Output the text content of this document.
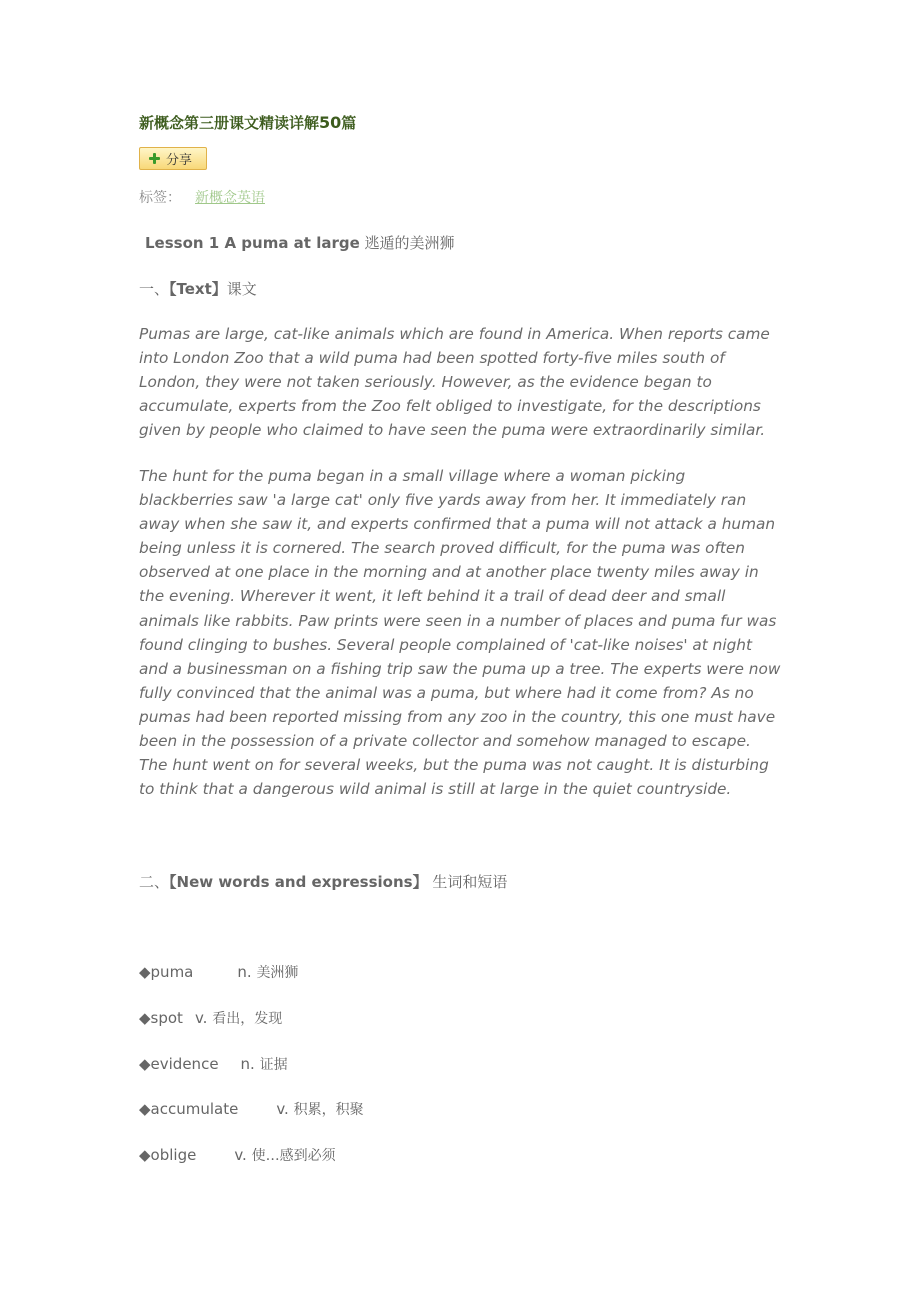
新概念第三册课文精读详解50篇
分享
标签： 新概念英语
Lesson 1 A puma at large 逃遁的美洲狮
一、【Text】课文

Pumas are large, cat-like animals which are found in America. When reports came into London Zoo that a wild puma had been spotted forty-five miles south of London, they were not taken seriously. However, as the evidence began to accumulate, experts from the Zoo felt obliged to investigate, for the descriptions given by people who claimed to have seen the puma were extraordinarily similar.

The hunt for the puma began in a small village where a woman picking blackberries saw 'a large cat' only five yards away from her. It immediately ran away when she saw it, and experts confirmed that a puma will not attack a human being unless it is cornered. The search proved difficult, for the puma was often observed at one place in the morning and at another place twenty miles away in the evening. Wherever it went, it left behind it a trail of dead deer and small animals like rabbits. Paw prints were seen in a number of places and puma fur was found clinging to bushes. Several people complained of 'cat-like noises' at night and a businessman on a fishing trip saw the puma up a tree. The experts were now fully convinced that the animal was a puma, but where had it come from? As no pumas had been reported missing from any zoo in the country, this one must have been in the possession of a private collector and somehow managed to escape. The hunt went on for several weeks, but the puma was not caught. It is disturbing to think that a dangerous wild animal is still at large in the quiet countryside.

二、【New words and expressions】 生词和短语
◆puma	n. 美洲狮
◆spot v. 看出，发现
◆evidence n. 证据
◆accumulate	v. 积累，积聚
◆oblige	v. 使…感到必须
